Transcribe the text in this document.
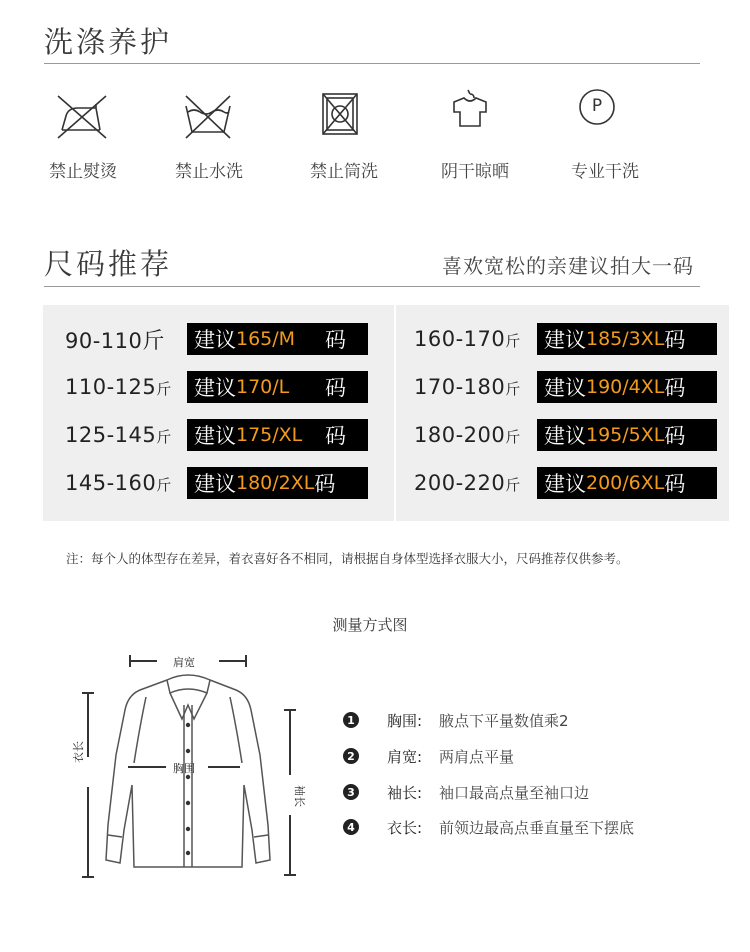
洗涤养护
禁止熨烫	禁止水洗	禁止筒洗	阴干晾晒
P
专业干洗
尺码推荐	喜欢宽松的亲建议拍大一码
90-110斤 建议 165/M 码
110-125斤 建议 170/L 码
125-145斤 建议 175/XL 码
145-160斤 建议 180/2XL 码
160-170斤 建议 185/3XL 码
170-180斤 建议 190/4XL 码
180-200斤 建议 195/5XL 码
200-220斤 建议 200/6XL 码
注：每个人的体型存在差异，着衣喜好各不相同，请根据自身体型选择衣服大小，尺码推荐仅供参考。
测量方式图
肩宽
胸围
衣长
袖长
1 胸围:	腋点下平量数值乘2
2 肩宽:	两肩点平量
3 袖长:	袖口最高点量至袖口边
4 衣长:	前领边最高点垂直量至下摆底
